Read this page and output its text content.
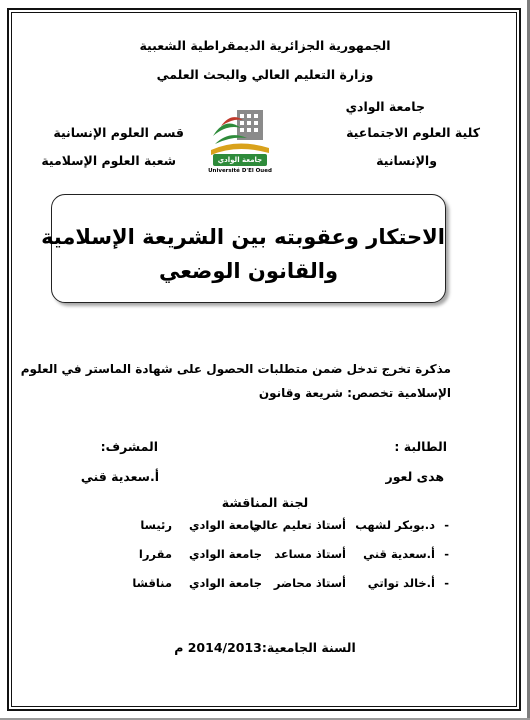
الجمهورية الجزائرية الديمقراطية الشعبية
وزارة التعليم العالي والبحث العلمي
جامعة الوادي
كلية العلوم الاجتماعية
والإنسانية
قسم العلوم الإنسانية
شعبة العلوم الإسلامية	جامعة الوادي
Université D'El Oued
الاحتكار وعقوبته بين الشريعة الإسلامية
والقانون الوضعي
مذكرة تخرج تدخل ضمن متطلبات الحصول على شهادة الماستر في العلوم
الإسلامية تخصص: شريعة وقانون
الطالبة :
المشرف:
هدى لعور
أ.سعدية قني
لجنة المناقشة
-
د.بوبكر لشهب
أستاذ تعليم عالي
جامعة الوادي
رئيسا
-
أ.سعدية قني
أستاذ مساعد
جامعة الوادي
مقررا
-
أ.خالد تواتي
أستاذ محاضر
جامعة الوادي
مناقشا
السنة الجامعية:2014/2013 م
